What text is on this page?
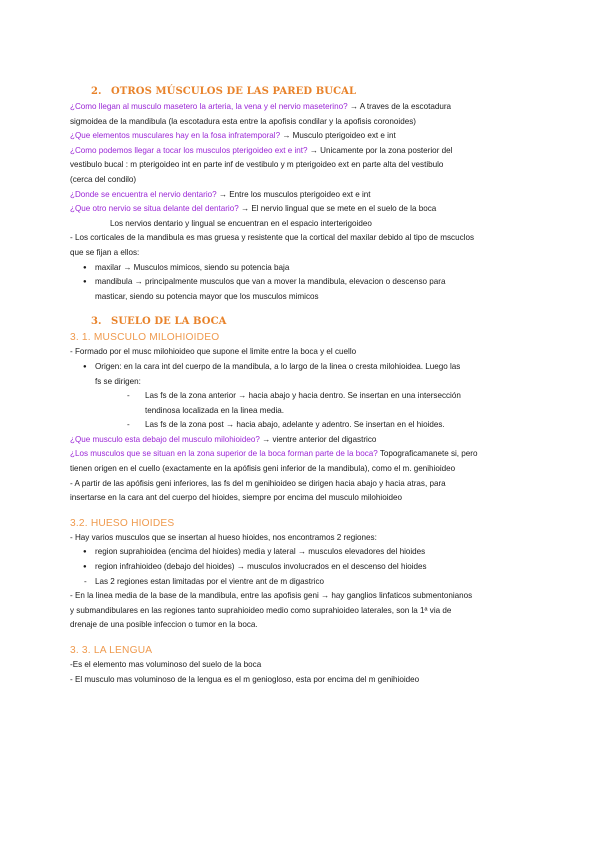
2. OTROS MÚSCULOS DE LAS PARED BUCAL
¿Como llegan al musculo masetero la arteria, la vena y el nervio maseterino? → A traves de la escotadura
sigmoidea de la mandibula (la escotadura esta entre la apofisis condilar y la apofisis coronoides)
¿Que elementos musculares hay en la fosa infratemporal? → Musculo pterigoideo ext e int
¿Como podemos llegar a tocar los musculos pterigoideo ext e int? → Unicamente por la zona posterior del
vestibulo bucal : m pterigoideo int en parte inf de vestibulo y m pterigoideo ext en parte alta del vestibulo
(cerca del condilo)
¿Donde se encuentra el nervio dentario? → Entre los musculos pterigoideo ext e int
¿Que otro nervio se situa delante del dentario? → El nervio lingual que se mete en el suelo de la boca
Los nervios dentario y lingual se encuentran en el espacio interterigoideo
- Los corticales de la mandibula es mas gruesa y resistente que la cortical del maxilar debido al tipo de mscuclos
que se fijan a ellos:
● maxilar → Musculos mimicos, siendo su potencia baja
● mandibula → principalmente musculos que van a mover la mandibula, elevacion o descenso para
masticar, siendo su potencia mayor que los musculos mimicos
3. SUELO DE LA BOCA
3. 1. MUSCULO MILOHIOIDEO
- Formado por el musc milohioideo que supone el limite entre la boca y el cuello
● Origen: en la cara int del cuerpo de la mandibula, a lo largo de la linea o cresta milohioidea. Luego las
fs se dirigen:
- Las fs de la zona anterior → hacia abajo y hacia dentro. Se insertan en una intersección
tendinosa localizada en la linea media.
- Las fs de la zona post → hacia abajo, adelante y adentro. Se insertan en el hioides.
¿Que musculo esta debajo del musculo milohioideo? → vientre anterior del digastrico
¿Los musculos que se situan en la zona superior de la boca forman parte de la boca? Topograficamanete si, pero
tienen origen en el cuello (exactamente en la apófisis geni inferior de la mandibula), como el m. genihioideo
- A partir de las apófisis geni inferiores, las fs del m genihioideo se dirigen hacia abajo y hacia atras, para
insertarse en la cara ant del cuerpo del hioides, siempre por encima del musculo milohioideo
3.2. HUESO HIOIDES
- Hay varios musculos que se insertan al hueso hioides, nos encontramos 2 regiones:
● region suprahioidea (encima del hioides) media y lateral → musculos elevadores del hioides
● region infrahioideo (debajo del hioides) → musculos involucrados en el descenso del hioides
- Las 2 regiones estan limitadas por el vientre ant de m digastrico
- En la linea media de la base de la mandibula, entre las apofisis geni → hay ganglios linfaticos submentonianos
y submandibulares en las regiones tanto suprahioideo medio como suprahioideo laterales, son la 1ª via de
drenaje de una posible infeccion o tumor en la boca.
3. 3. LA LENGUA
-Es el elemento mas voluminoso del suelo de la boca
- El musculo mas voluminoso de la lengua es el m geniogloso, esta por encima del m genihioideo
